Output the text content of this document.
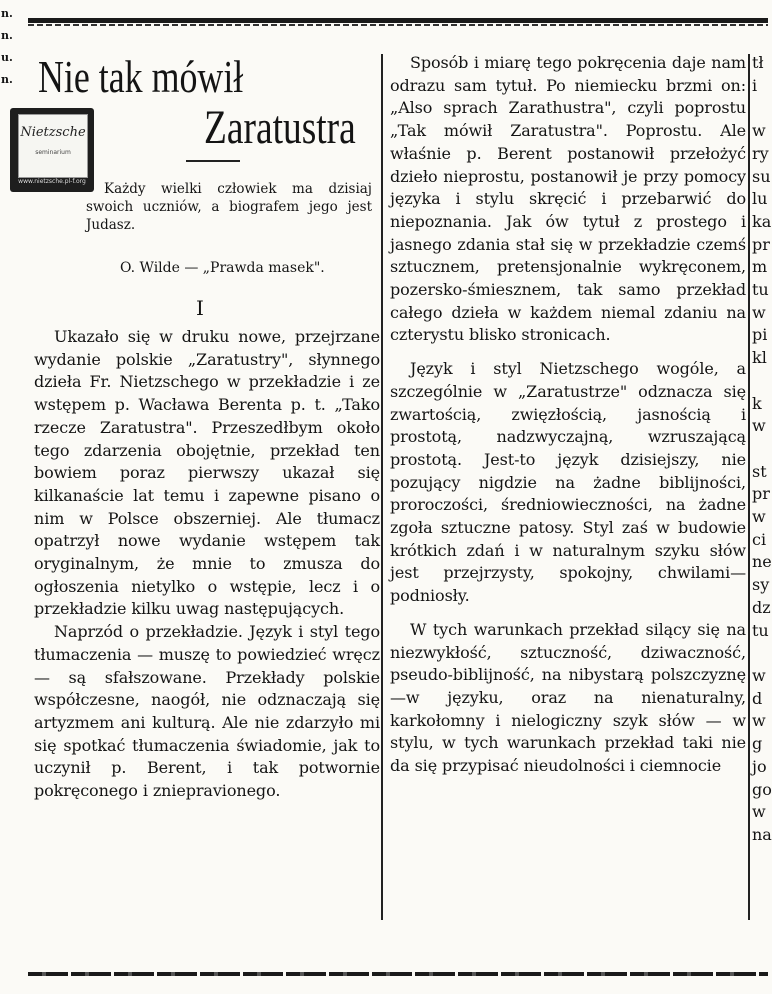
n.
n.
u.
n. Nie tak mówił
Zaratustra
Nietzsche
seminarium
www.nietzsche.pl-f.org	Każdy wielki człowiek ma dzisiaj swoich uczniów, a biografem jego jest Judasz.
O. Wilde — „Prawda masek".
I

Ukazało się w druku nowe, przejrzane wydanie polskie „Zaratustry", słynnego dzieła Fr. Nietzschego w przekładzie i ze wstępem p. Wacława Berenta p. t. „Tako rzecze Zaratustra". Przeszedłbym około tego zdarzenia obojętnie, przekład ten bowiem poraz pierwszy ukazał się kilkanaście lat temu i zapewne pisano o nim w Polsce obszerniej. Ale tłumacz opatrzył nowe wydanie wstępem tak oryginalnym, że mnie to zmusza do ogłoszenia nietylko o wstępie, lecz i o przekładzie kilku uwag następujących.

Naprzód o przekładzie. Język i styl tego tłumaczenia — muszę to powiedzieć wręcz — są sfałszowane. Przekłady polskie współczesne, naogół, nie odznaczają się artyzmem ani kulturą. Ale nie zdarzyło mi się spotkać tłumaczenia świadomie, jak to uczynił p. Berent, i tak potwornie pokręconego i zniepravionego.

Sposób i miarę tego pokręcenia daje nam odrazu sam tytuł. Po niemiecku brzmi on: „Also sprach Zarathustra", czyli poprostu „Tak mówił Zaratustra". Poprostu. Ale właśnie p. Berent postanowił przełożyć dzieło nieprostu, postanowił je przy pomocy języka i stylu skręcić i przebarwić do niepoznania. Jak ów tytuł z prostego i jasnego zdania stał się w przekładzie czemś sztucznem, pretensjonalnie wykręconem, pozersko-śmiesznem, tak samo przekład całego dzieła w każdem niemal zdaniu na czterystu blisko stronicach.

Język i styl Nietzschego wogóle, a szczególnie w „Zaratustrze" odznacza się zwartością, zwięzłością, jasnością i prostotą, nadzwyczajną, wzruszającą prostotą. Jest-to język dzisiejszy, nie pozujący nigdzie na żadne biblijności, proroczości, średniowieczności, na żadne zgoła sztuczne patosy. Styl zaś w budowie krótkich zdań i w naturalnym szyku słów jest przejrzysty, spokojny, chwilami—podniosły.

W tych warunkach przekład silący się na niezwykłość, sztuczność, dziwaczność, pseudo-biblijność, na nibystarą polszczyznę—w języku, oraz na nienaturalny, karkołomny i nielogiczny szyk słów — w stylu, w tych warunkach przekład taki nie da się przypisać nieudolności i ciemnocie

tł
i

w
ry
su
lu
ka
pr
m
tu
w
pi
kl

k
w

st
pr
w
ci
ne
sy
dz
tu

w
d
w
g
jo
go
w
na
